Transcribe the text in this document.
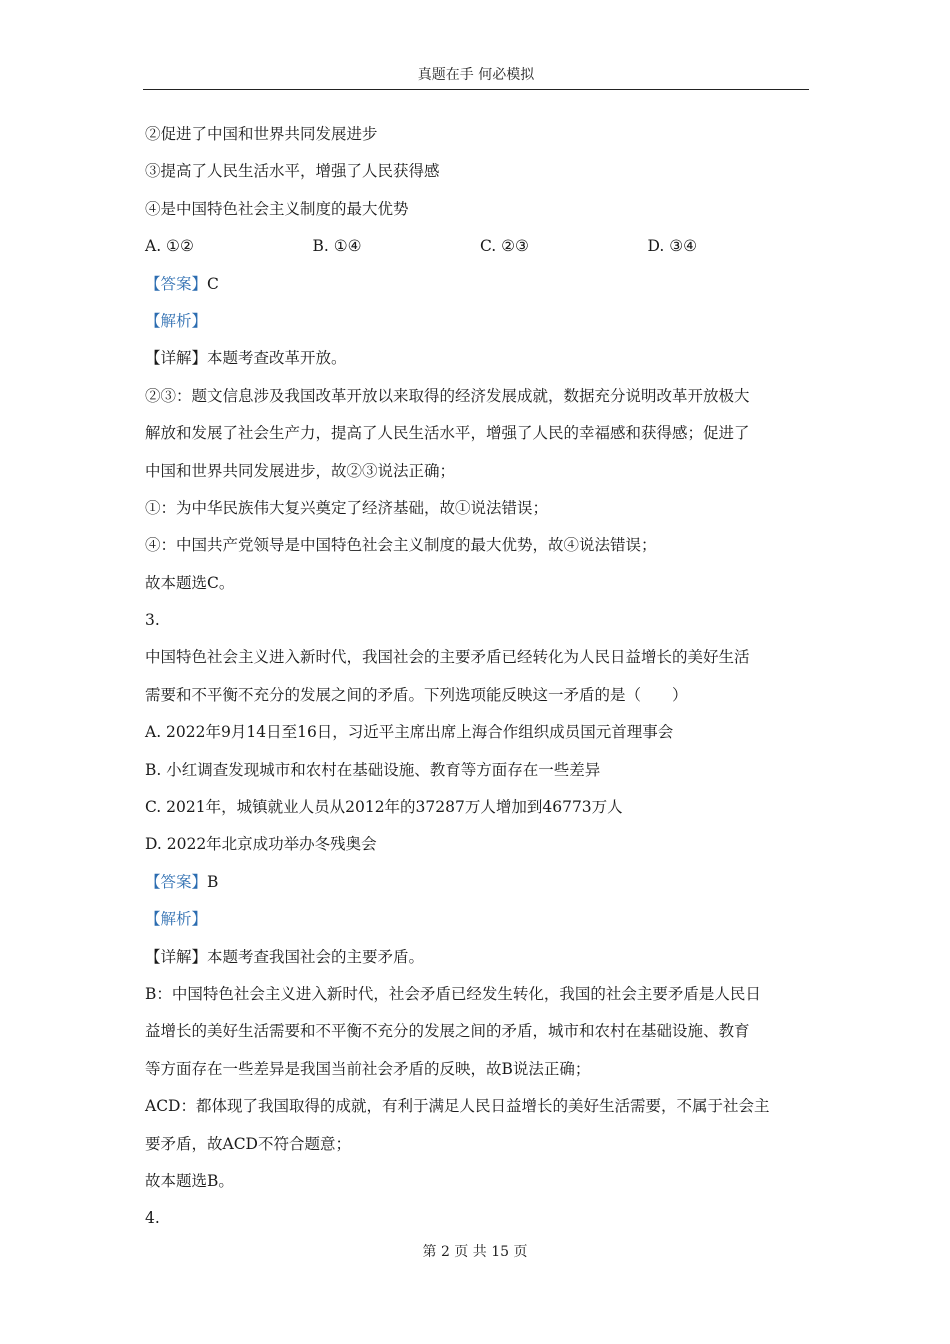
真题在手 何必模拟
②促进了中国和世界共同发展进步
③提高了人民生活水平，增强了人民获得感
④是中国特色社会主义制度的最大优势
A. ①②	B. ①④	C. ②③	D. ③④
【答案】C
【解析】
【详解】本题考查改革开放。
②③：题文信息涉及我国改革开放以来取得的经济发展成就，数据充分说明改革开放极大
解放和发展了社会生产力，提高了人民生活水平，增强了人民的幸福感和获得感；促进了
中国和世界共同发展进步，故②③说法正确；
①：为中华民族伟大复兴奠定了经济基础，故①说法错误；
④：中国共产党领导是中国特色社会主义制度的最大优势，故④说法错误；
故本题选C。
3.
中国特色社会主义进入新时代，我国社会的主要矛盾已经转化为人民日益增长的美好生活
需要和不平衡不充分的发展之间的矛盾。下列选项能反映这一矛盾的是（　　）
A. 2022年9月14日至16日，习近平主席出席上海合作组织成员国元首理事会
B. 小红调查发现城市和农村在基础设施、教育等方面存在一些差异
C. 2021年，城镇就业人员从2012年的37287万人增加到46773万人
D. 2022年北京成功举办冬残奥会
【答案】B
【解析】
【详解】本题考查我国社会的主要矛盾。
B：中国特色社会主义进入新时代，社会矛盾已经发生转化，我国的社会主要矛盾是人民日
益增长的美好生活需要和不平衡不充分的发展之间的矛盾，城市和农村在基础设施、教育
等方面存在一些差异是我国当前社会矛盾的反映，故B说法正确；
ACD：都体现了我国取得的成就，有利于满足人民日益增长的美好生活需要，不属于社会主
要矛盾，故ACD不符合题意；
故本题选B。
4.
第 2 页 共 15 页
